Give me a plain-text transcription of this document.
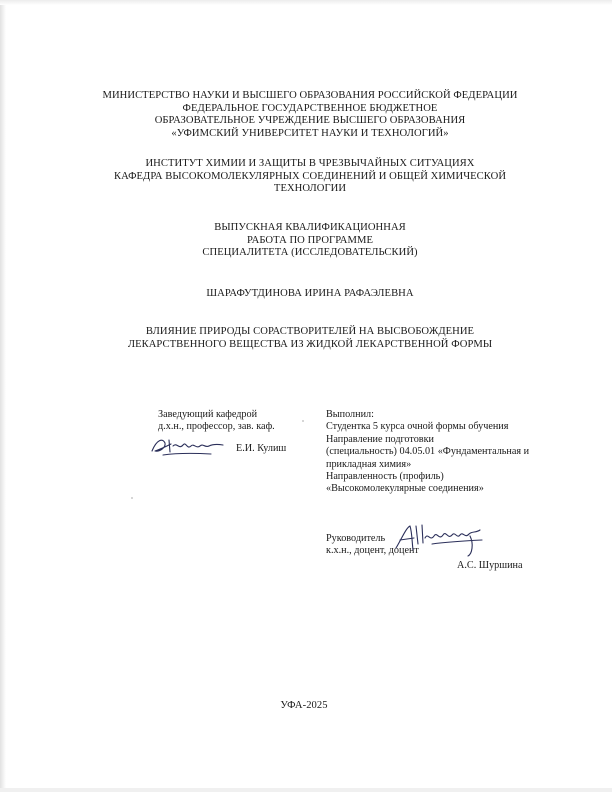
МИНИСТЕРСТВО НАУКИ И ВЫСШЕГО ОБРАЗОВАНИЯ РОССИЙСКОЙ ФЕДЕРАЦИИ
ФЕДЕРАЛЬНОЕ ГОСУДАРСТВЕННОЕ БЮДЖЕТНОЕ
ОБРАЗОВАТЕЛЬНОЕ УЧРЕЖДЕНИЕ ВЫСШЕГО ОБРАЗОВАНИЯ
«УФИМСКИЙ УНИВЕРСИТЕТ НАУКИ И ТЕХНОЛОГИЙ»
ИНСТИТУТ ХИМИИ И ЗАЩИТЫ В ЧРЕЗВЫЧАЙНЫХ СИТУАЦИЯХ
КАФЕДРА ВЫСОКОМОЛЕКУЛЯРНЫХ СОЕДИНЕНИЙ И ОБЩЕЙ ХИМИЧЕСКОЙ
ТЕХНОЛОГИИ
ВЫПУСКНАЯ КВАЛИФИКАЦИОННАЯ
РАБОТА ПО ПРОГРАММЕ
СПЕЦИАЛИТЕТА (ИССЛЕДОВАТЕЛЬСКИЙ)
ШАРАФУТДИНОВА ИРИНА РАФАЭЛЕВНА
ВЛИЯНИЕ ПРИРОДЫ СОРАСТВОРИТЕЛЕЙ НА ВЫСВОБОЖДЕНИЕ
ЛЕКАРСТВЕННОГО ВЕЩЕСТВА ИЗ ЖИДКОЙ ЛЕКАРСТВЕННОЙ ФОРМЫ
Заведующий кафедрой
д.х.н., профессор, зав. каф.
Е.И. Кулиш
Выполнил:
Студентка 5 курса очной формы обучения
Направление подготовки
(специальность) 04.05.01 «Фундаментальная и
прикладная химия»
Направленность (профиль)
«Высокомолекулярные соединения»
Руководитель
к.х.н., доцент, доцент
А.С. Шуршина
УФА-2025
